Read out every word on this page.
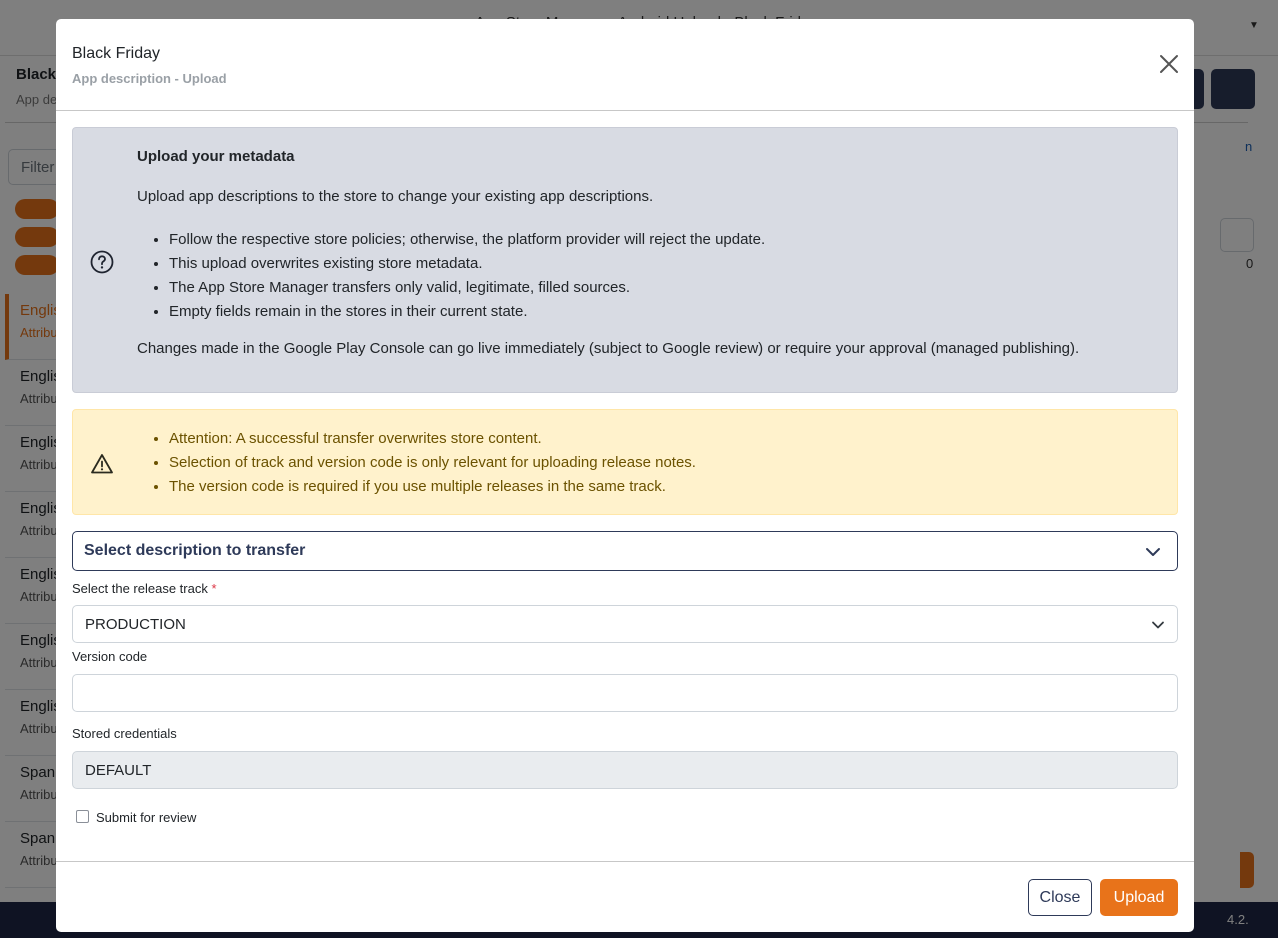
Black Friday
App description - Upload
Upload your metadata
Upload app descriptions to the store to change your existing app descriptions.
• Follow the respective store policies; otherwise, the platform provider will reject the update.
• This upload overwrites existing store metadata.
• The App Store Manager transfers only valid, legitimate, filled sources.
• Empty fields remain in the stores in their current state.
Changes made in the Google Play Console can go live immediately (subject to Google review) or require your approval (managed publishing).
• Attention: A successful transfer overwrites store content.
• Selection of track and version code is only relevant for uploading release notes.
• The version code is required if you use multiple releases in the same track.
Select description to transfer
Select the release track *
PRODUCTION
Version code
Stored credentials
DEFAULT
Submit for review
Close	Upload
